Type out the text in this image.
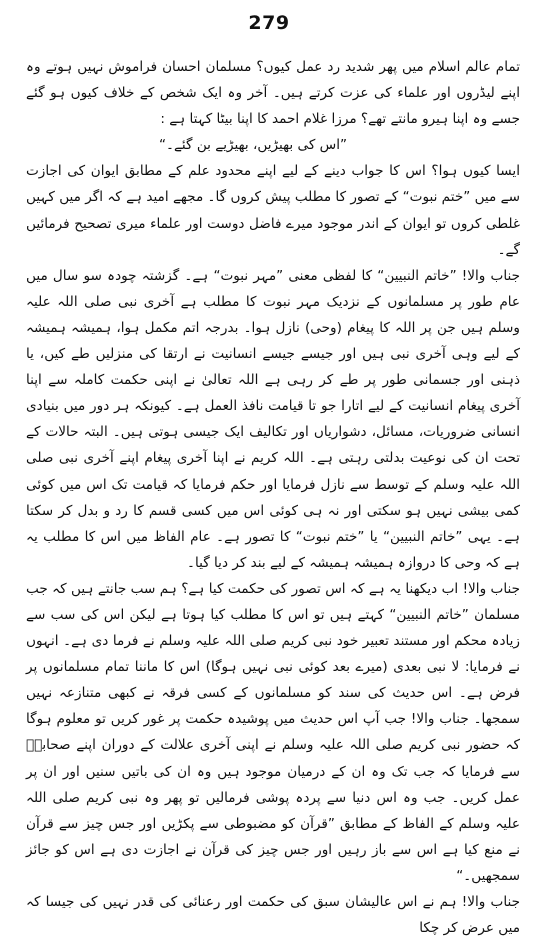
279

تمام عالم اسلام میں پھر شدید رد عمل کیوں؟ مسلمان احسان فراموش نہیں ہوتے وہ اپنے لیڈروں اور علماء کی عزت کرتے ہیں۔ آخر وہ ایک شخص کے خلاف کیوں ہو گئے جسے وہ اپنا ہیرو مانتے تھے؟ مرزا غلام احمد کا اپنا بیٹا کہتا ہے :

”اس کی بھیڑیں، بھیڑیے بن گئے۔“

ایسا کیوں ہوا؟ اس کا جواب دینے کے لیے اپنے محدود علم کے مطابق ایوان کی اجازت سے میں ”ختم نبوت“ کے تصور کا مطلب پیش کروں گا۔ مجھے امید ہے کہ اگر میں کہیں غلطی کروں تو ایوان کے اندر موجود میرے فاضل دوست اور علماء میری تصحیح فرمائیں گے۔

جناب والا! ”خاتم النبیین“ کا لفظی معنی ”مہر نبوت“ ہے۔ گزشتہ چودہ سو سال میں عام طور پر مسلمانوں کے نزدیک مہر نبوت کا مطلب ہے آخری نبی صلی اللہ علیہ وسلم ہیں جن پر اللہ کا پیغام (وحی) نازل ہوا۔ بدرجہ اتم مکمل ہوا، ہمیشہ ہمیشہ کے لیے وہی آخری نبی ہیں اور جیسے جیسے انسانیت نے ارتقا کی منزلیں طے کیں، یا ذہنی اور جسمانی طور پر طے کر رہی ہے اللہ تعالیٰ نے اپنی حکمت کاملہ سے اپنا آخری پیغام انسانیت کے لیے اتارا جو تا قیامت نافذ العمل ہے۔ کیونکہ ہر دور میں بنیادی انسانی ضروریات، مسائل، دشواریاں اور تکالیف ایک جیسی ہوتی ہیں۔ البتہ حالات کے تحت ان کی نوعیت بدلتی رہتی ہے۔ اللہ کریم نے اپنا آخری پیغام اپنے آخری نبی صلی اللہ علیہ وسلم کے توسط سے نازل فرمایا اور حکم فرمایا کہ قیامت تک اس میں کوئی کمی بیشی نہیں ہو سکتی اور نہ ہی کوئی اس میں کسی قسم کا رد و بدل کر سکتا ہے۔ یہی ”خاتم النبیین“ یا ”ختم نبوت“ کا تصور ہے۔ عام الفاظ میں اس کا مطلب یہ ہے کہ وحی کا دروازہ ہمیشہ ہمیشہ کے لیے بند کر دیا گیا۔

جناب والا! اب دیکھنا یہ ہے کہ اس تصور کی حکمت کیا ہے؟ ہم سب جانتے ہیں کہ جب مسلمان ”خاتم النبیین“ کہتے ہیں تو اس کا مطلب کیا ہوتا ہے لیکن اس کی سب سے زیادہ محکم اور مستند تعبیر خود نبی کریم صلی اللہ علیہ وسلم نے فرما دی ہے۔ انہوں نے فرمایا: لا نبی بعدی (میرے بعد کوئی نبی نہیں ہوگا) اس کا ماننا تمام مسلمانوں پر فرض ہے۔ اس حدیث کی سند کو مسلمانوں کے کسی فرقہ نے کبھی متنازعہ نہیں سمجھا۔ جناب والا! جب آپ اس حدیث میں پوشیدہ حکمت پر غور کریں تو معلوم ہوگا کہ حضور نبی کریم صلی اللہ علیہ وسلم نے اپنی آخری علالت کے دوران اپنے صحابہؓ سے فرمایا کہ جب تک وہ ان کے درمیان موجود ہیں وہ ان کی باتیں سنیں اور ان پر عمل کریں۔ جب وہ اس دنیا سے پردہ پوشی فرمالیں تو پھر وہ نبی کریم صلی اللہ علیہ وسلم کے الفاظ کے مطابق ”قرآن کو مضبوطی سے پکڑیں اور جس چیز سے قرآن نے منع کیا ہے اس سے باز رہیں اور جس چیز کی قرآن نے اجازت دی ہے اس کو جائز سمجھیں۔“

جناب والا! ہم نے اس عالیشان سبق کی حکمت اور رعنائی کی قدر نہیں کی جیسا کہ میں عرض کر چکا
